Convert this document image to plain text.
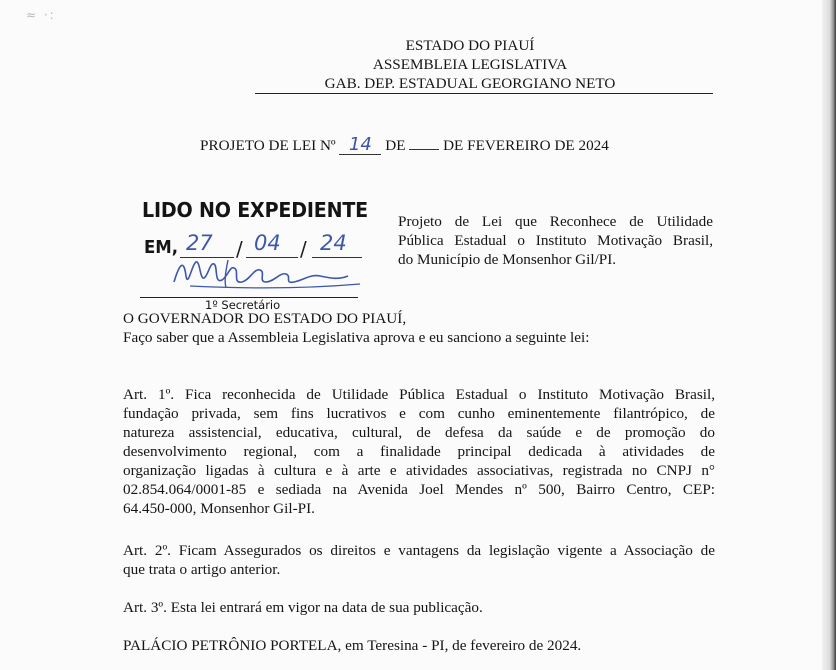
≈ ·:
ESTADO DO PIAUÍ
ASSEMBLEIA LEGISLATIVA
GAB. DEP. ESTADUAL GEORGIANO NETO
PROJETO DE LEI Nº 14 DE DE FEVEREIRO DE 2024
LIDO NO EXPEDIENTE
EM, 27 / 04 / 24
1º Secretário
Projeto de Lei que Reconhece de Utilidade
Pública Estadual o Instituto Motivação Brasil,
do Município de Monsenhor Gil/PI.
O GOVERNADOR DO ESTADO DO PIAUÍ,
Faço saber que a Assembleia Legislativa aprova e eu sanciono a seguinte lei:
Art. 1º. Fica reconhecida de Utilidade Pública Estadual o Instituto Motivação Brasil,
fundação privada, sem fins lucrativos e com cunho eminentemente filantrópico, de
natureza assistencial, educativa, cultural, de defesa da saúde e de promoção do
desenvolvimento regional, com a finalidade principal dedicada à atividades de
organização ligadas à cultura e à arte e atividades associativas, registrada no CNPJ n°
02.854.064/0001-85 e sediada na Avenida Joel Mendes nº 500, Bairro Centro, CEP:
64.450-000, Monsenhor Gil-PI.
Art. 2º. Ficam Assegurados os direitos e vantagens da legislação vigente a Associação de
que trata o artigo anterior.
Art. 3º. Esta lei entrará em vigor na data de sua publicação.
PALÁCIO PETRÔNIO PORTELA, em Teresina - PI, de fevereiro de 2024.
